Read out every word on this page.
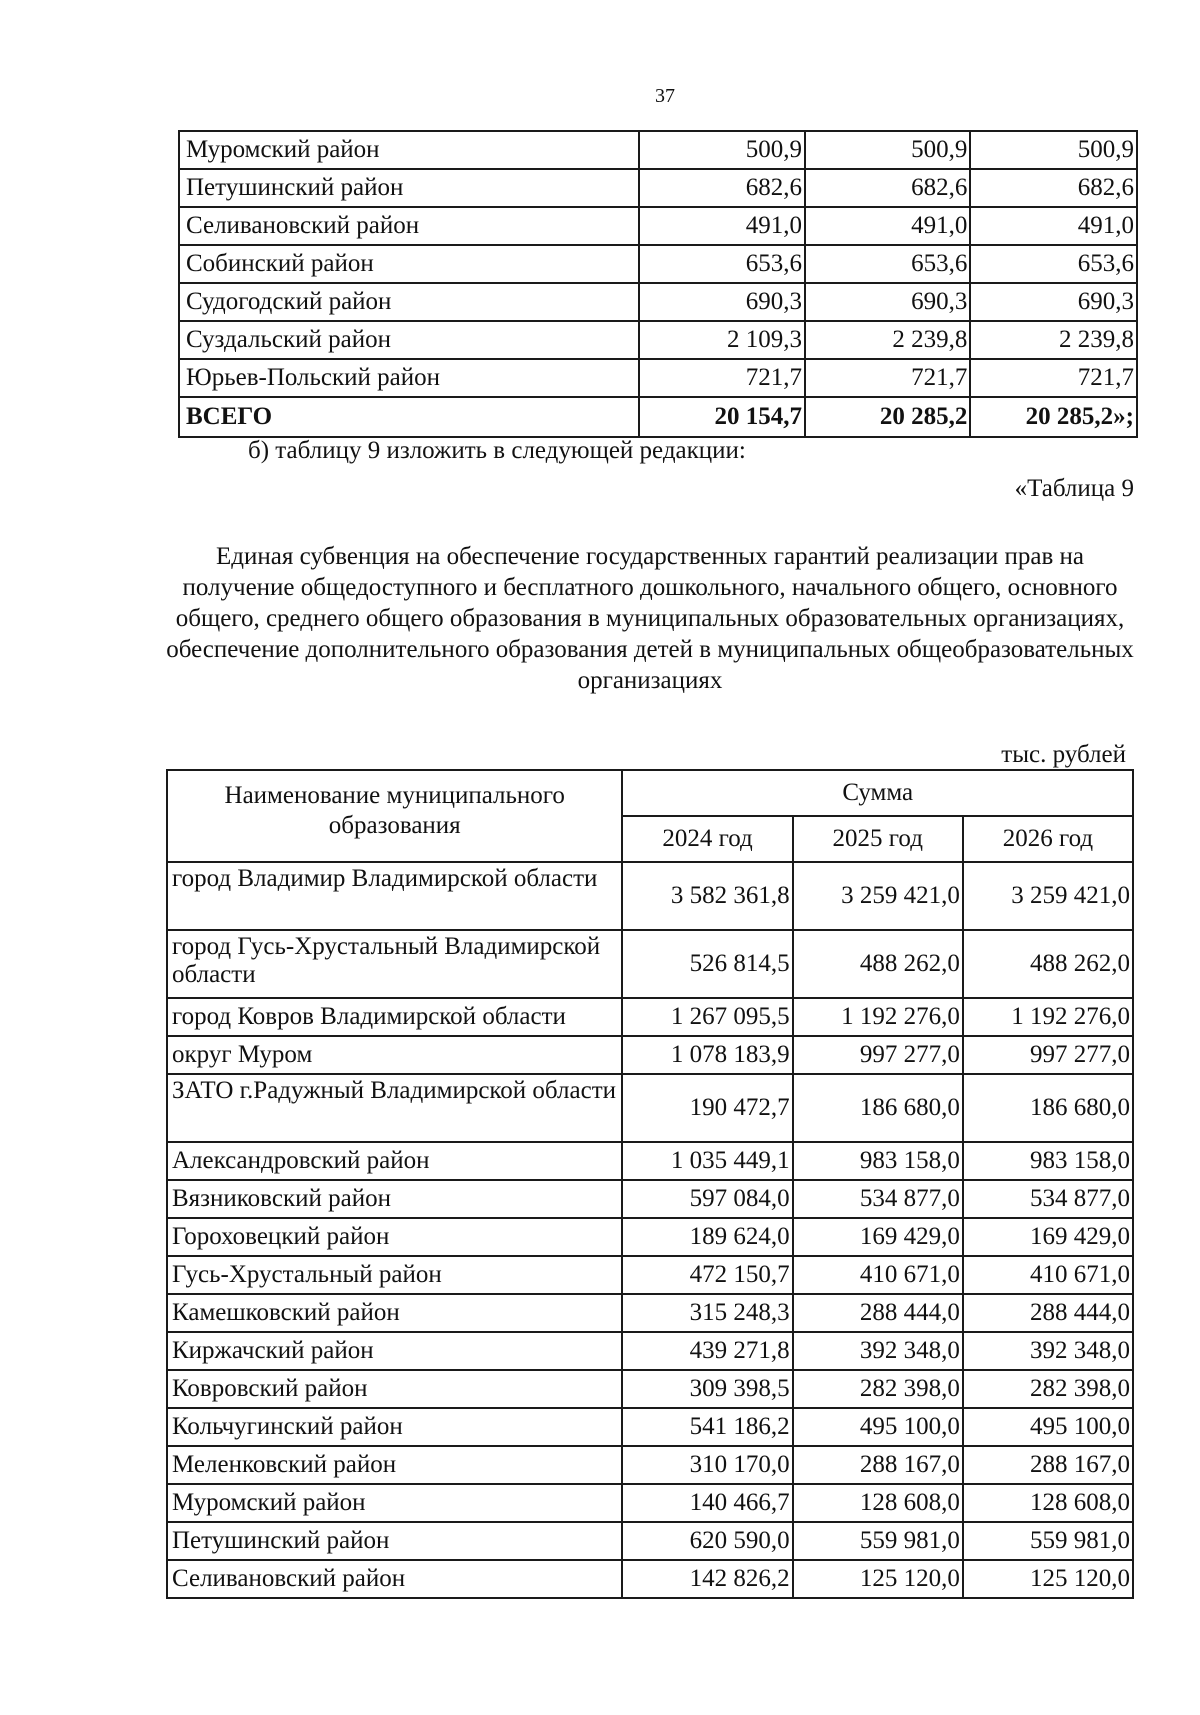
37
Муромский район	500,9	500,9	500,9
Петушинский район	682,6	682,6	682,6
Селивановский район	491,0	491,0	491,0
Собинский район	653,6	653,6	653,6
Судогодский район	690,3	690,3	690,3
Суздальский район	2 109,3	2 239,8	2 239,8
Юрьев-Польский район	721,7	721,7	721,7
ВСЕГО	20 154,7	20 285,2	20 285,2»;
б) таблицу 9 изложить в следующей редакции:
«Таблица 9
Единая субвенция на обеспечение государственных гарантий реализации прав на получение общедоступного и бесплатного дошкольного, начального общего, основного общего, среднего общего образования в муниципальных образовательных организациях, обеспечение дополнительного образования детей в муниципальных общеобразовательных организациях
тыс. рублей
Наименование муниципального образования	Сумма		
	2024 год	2025 год	2026 год
город Владимир Владимирской области	3 582 361,8	3 259 421,0	3 259 421,0
город Гусь-Хрустальный Владимирской области	526 814,5	488 262,0	488 262,0
город Ковров Владимирской области	1 267 095,5	1 192 276,0	1 192 276,0
округ Муром	1 078 183,9	997 277,0	997 277,0
ЗАТО г.Радужный Владимирской области	190 472,7	186 680,0	186 680,0
Александровский район	1 035 449,1	983 158,0	983 158,0
Вязниковский район	597 084,0	534 877,0	534 877,0
Гороховецкий район	189 624,0	169 429,0	169 429,0
Гусь-Хрустальный район	472 150,7	410 671,0	410 671,0
Камешковский район	315 248,3	288 444,0	288 444,0
Киржачский район	439 271,8	392 348,0	392 348,0
Ковровский район	309 398,5	282 398,0	282 398,0
Кольчугинский район	541 186,2	495 100,0	495 100,0
Меленковский район	310 170,0	288 167,0	288 167,0
Муромский район	140 466,7	128 608,0	128 608,0
Петушинский район	620 590,0	559 981,0	559 981,0
Селивановский район	142 826,2	125 120,0	125 120,0
